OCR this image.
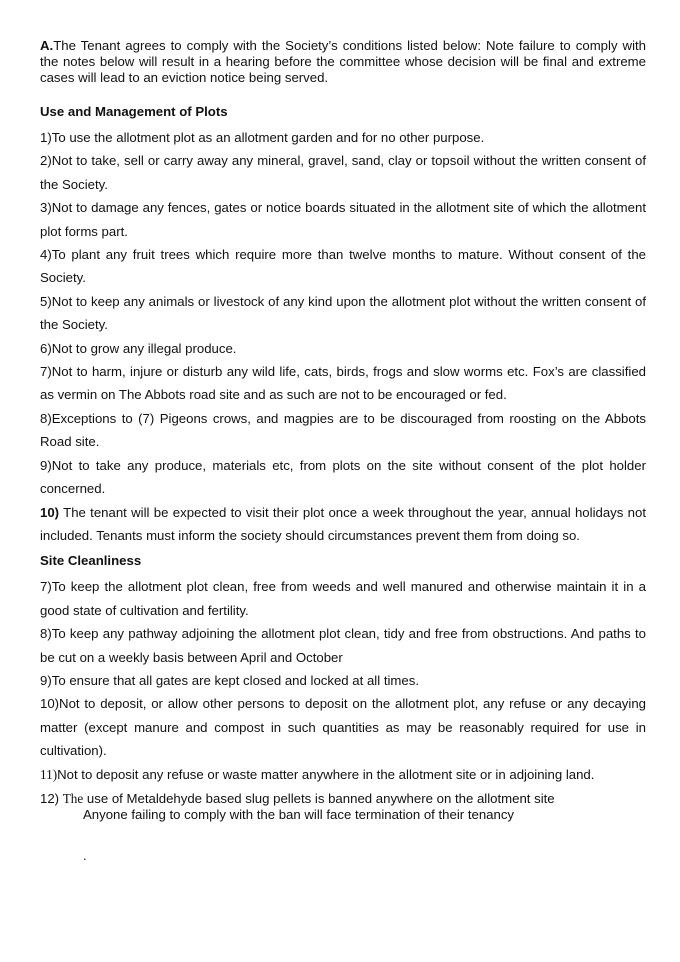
A.The Tenant agrees to comply with the Society’s conditions listed below: Note failure to comply with the notes below will result in a hearing before the committee whose decision will be final and extreme cases will lead to an eviction notice being served.

Use and Management of Plots

1)To use the allotment plot as an allotment garden and for no other purpose.
2)Not to take, sell or carry away any mineral, gravel, sand, clay or topsoil without the written consent of the Society.
3)Not to damage any fences, gates or notice boards situated in the allotment site of which the allotment plot forms part.
4)To plant any fruit trees which require more than twelve months to mature. Without consent of the Society.
5)Not to keep any animals or livestock of any kind upon the allotment plot without the written consent of the Society.
6)Not to grow any illegal produce.
7)Not to harm, injure or disturb any wild life, cats, birds, frogs and slow worms etc. Fox’s are classified as vermin on The Abbots road site and as such are not to be encouraged or fed.
8)Exceptions to (7) Pigeons crows, and magpies are to be discouraged from roosting on the Abbots Road site.
9)Not to take any produce, materials etc, from plots on the site without consent of the plot holder concerned.
10) The tenant will be expected to visit their plot once a week throughout the year, annual holidays not included. Tenants must inform the society should circumstances prevent them from doing so.

Site Cleanliness

7)To keep the allotment plot clean, free from weeds and well manured and otherwise maintain it in a good state of cultivation and fertility.
8)To keep any pathway adjoining the allotment plot clean, tidy and free from obstructions. And paths to be cut on a weekly basis between April and October
9)To ensure that all gates are kept closed and locked at all times.
10)Not to deposit, or allow other persons to deposit on the allotment plot, any refuse or any decaying matter (except manure and compost in such quantities as may be reasonably required for use in cultivation).
11)Not to deposit any refuse or waste matter anywhere in the allotment site or in adjoining land.
12) The use of Metaldehyde based slug pellets is banned anywhere on the allotment site

Anyone failing to comply with the ban will face termination of their tenancy

.
